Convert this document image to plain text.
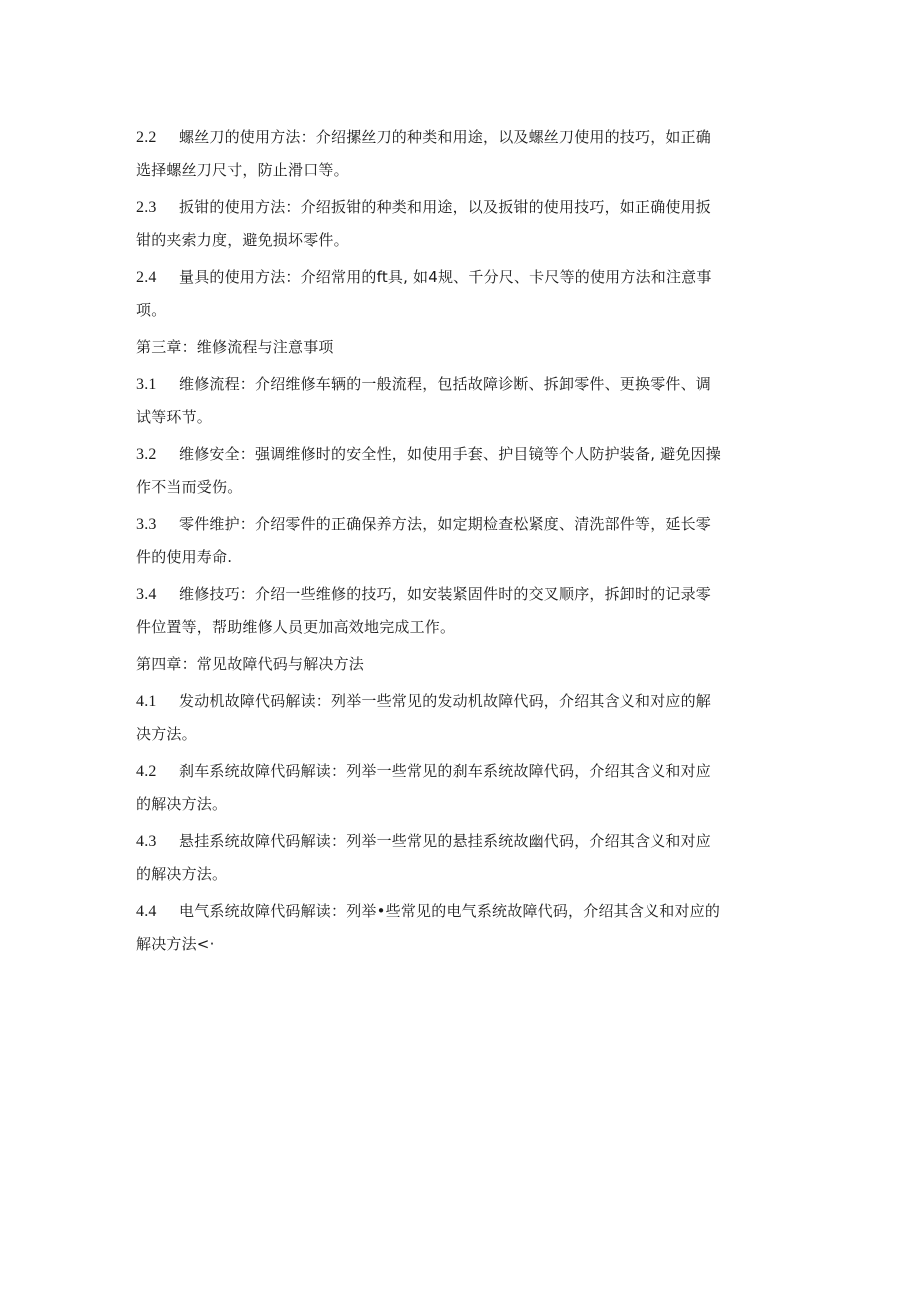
2.2 螺丝刀的使用方法：介绍摞丝刀的种类和用途，以及螺丝刀使用的技巧，如正确
选择螺丝刀尺寸，防止滑口等。
2.3 扳钳的使用方法：介绍扳钳的种类和用途，以及扳钳的使用技巧，如正确使用扳
钳的夹索力度，避免损坏零件。
2.4 量具的使用方法：介绍常用的ft具, 如4规、千分尺、卡尺等的使用方法和注意事
项。
第三章：维修流程与注意事项
3.1 维修流程：介绍维修车辆的一般流程，包括故障诊断、拆卸零件、更换零件、调
试等环节。
3.2 维修安全：强调维修时的安全性，如使用手套、护目镜等个人防护装备, 避免因操
作不当而受伤。
3.3 零件维护：介绍零件的正确保养方法，如定期检查松紧度、清洗部件等，延长零
件的使用寿命.
3.4 维修技巧：介绍一些维修的技巧，如安装紧固件时的交叉顺序，拆卸时的记录零
件位置等，帮助维修人员更加高效地完成工作。
第四章：常见故障代码与解决方法
4.1 发动机故障代码解读：列举一些常见的发动机故障代码，介绍其含义和对应的解
决方法。
4.2 刹车系统故障代码解读：列举一些常见的刹车系统故障代码，介绍其含义和对应
的解决方法。
4.3 悬挂系统故障代码解读：列举一些常见的悬挂系统故幽代码，介绍其含义和对应
的解决方法。
4.4 电气系统故障代码解读：列举•些常见的电气系统故障代码，介绍其含义和对应的
解决方法<·
